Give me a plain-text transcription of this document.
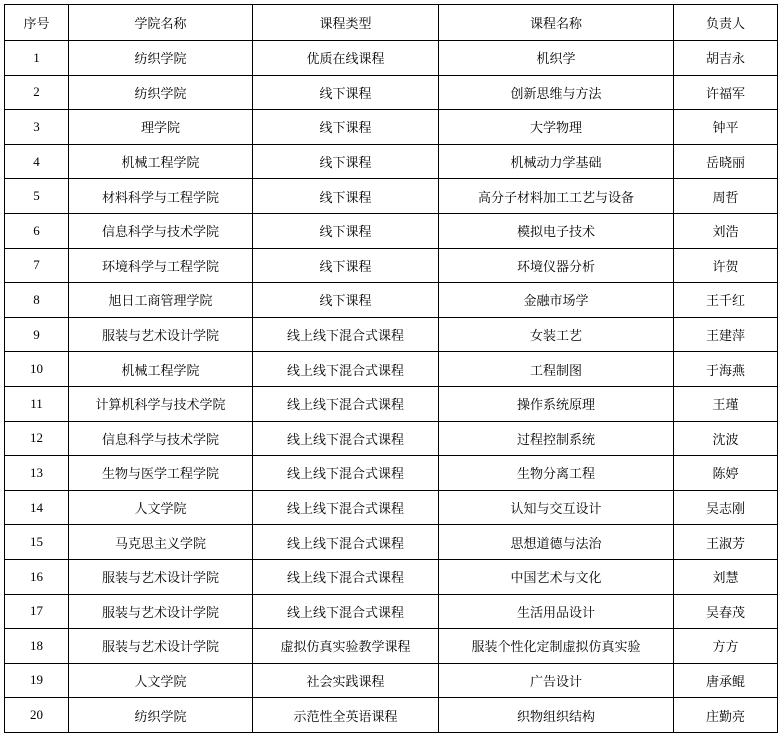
序号	学院名称	课程类型	课程名称	负责人
1	纺织学院	优质在线课程	机织学	胡吉永
2	纺织学院	线下课程	创新思维与方法	许福军
3	理学院	线下课程	大学物理	钟平
4	机械工程学院	线下课程	机械动力学基础	岳晓丽
5	材料科学与工程学院	线下课程	高分子材料加工工艺与设备	周哲
6	信息科学与技术学院	线下课程	模拟电子技术	刘浩
7	环境科学与工程学院	线下课程	环境仪器分析	许贺
8	旭日工商管理学院	线下课程	金融市场学	王千红
9	服装与艺术设计学院	线上线下混合式课程	女装工艺	王建萍
10	机械工程学院	线上线下混合式课程	工程制图	于海燕
11	计算机科学与技术学院	线上线下混合式课程	操作系统原理	王瑾
12	信息科学与技术学院	线上线下混合式课程	过程控制系统	沈波
13	生物与医学工程学院	线上线下混合式课程	生物分离工程	陈婷
14	人文学院	线上线下混合式课程	认知与交互设计	吴志刚
15	马克思主义学院	线上线下混合式课程	思想道德与法治	王淑芳
16	服装与艺术设计学院	线上线下混合式课程	中国艺术与文化	刘慧
17	服装与艺术设计学院	线上线下混合式课程	生活用品设计	吴春茂
18	服装与艺术设计学院	虚拟仿真实验教学课程	服装个性化定制虚拟仿真实验	方方
19	人文学院	社会实践课程	广告设计	唐承鲲
20	纺织学院	示范性全英语课程	织物组织结构	庄勤亮
